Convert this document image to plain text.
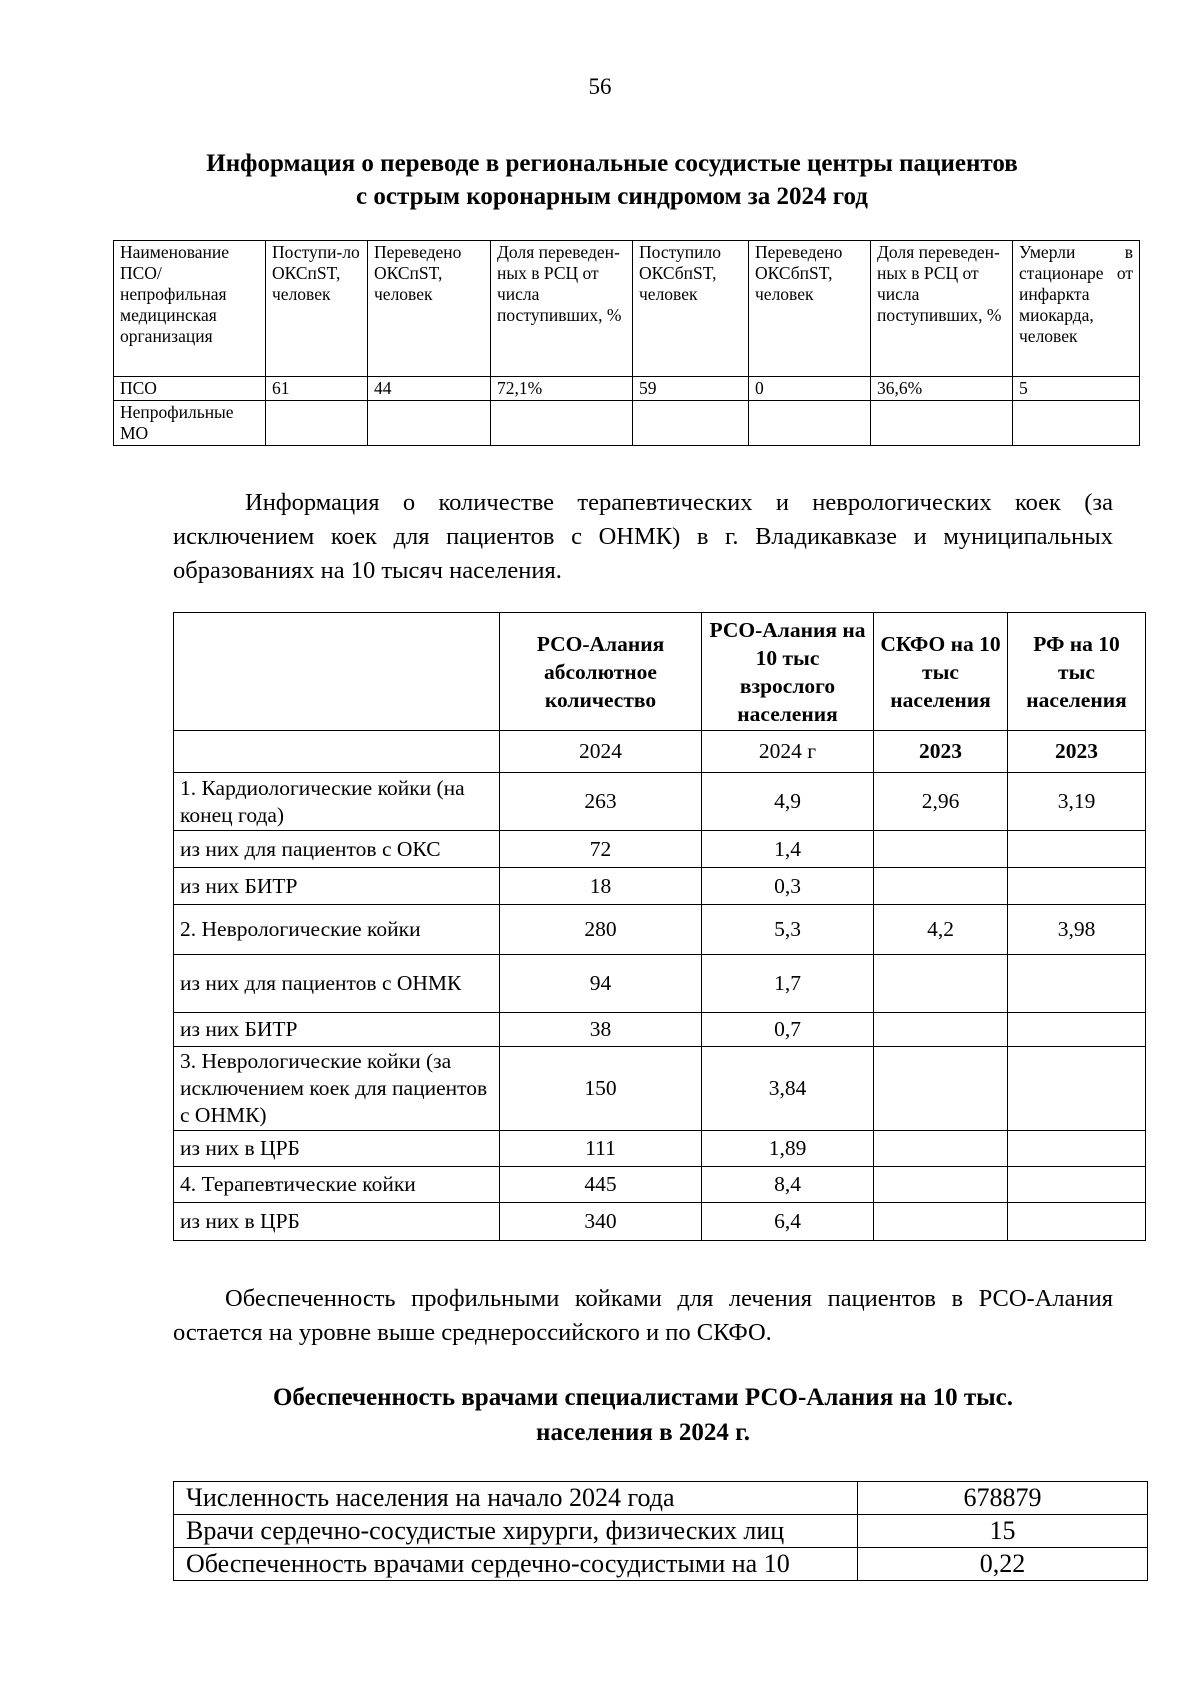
56
Информация о переводе в региональные сосудистые центры пациентов
с острым коронарным синдромом за 2024 год
Наименование ПСО/ непрофильная медицинская организация	Поступи-ло ОКСпST, человек	Переведено ОКСпST, человек	Доля переведен-ных в РСЦ от числа поступивших, %	Поступило ОКСбпST, человек	Переведено ОКСбпST, человек	Доля переведен-ных в РСЦ от числа поступивших, %	Умерли в стационаре от инфаркта миокарда, человек
ПСО	61	44	72,1%	59	0	36,6%	5
Непрофильные МО							
Информация о количестве терапевтических и неврологических коек (за исключением коек для пациентов с ОНМК) в г. Владикавказе и муниципальных образованиях на 10 тысяч населения.
	РСО-Алания абсолютное количество	РСО-Алания на 10 тыс взрослого населения	СКФО на 10 тыс населения	РФ на 10 тыс населения
	2024	2024 г	2023	2023
1. Кардиологические койки (на конец года)	263	4,9	2,96	3,19
из них для пациентов с ОКС	72	1,4		
из них БИТР	18	0,3		
2. Неврологические койки	280	5,3	4,2	3,98
из них для пациентов с ОНМК	94	1,7		
из них БИТР	38	0,7		
3. Неврологические койки (за исключением коек для пациентов с ОНМК)	150	3,84		
из них в ЦРБ	111	1,89		
4. Терапевтические койки	445	8,4		
из них в ЦРБ	340	6,4		
Обеспеченность профильными койками для лечения пациентов в РСО-Алания остается на уровне выше среднероссийского и по СКФО.
Обеспеченность врачами специалистами РСО-Алания на 10 тыс.
населения в 2024 г.
Численность населения на начало 2024 года	678879
Врачи сердечно-сосудистые хирурги, физических лиц	15
Обеспеченность врачами сердечно-сосудистыми на 10	0,22
